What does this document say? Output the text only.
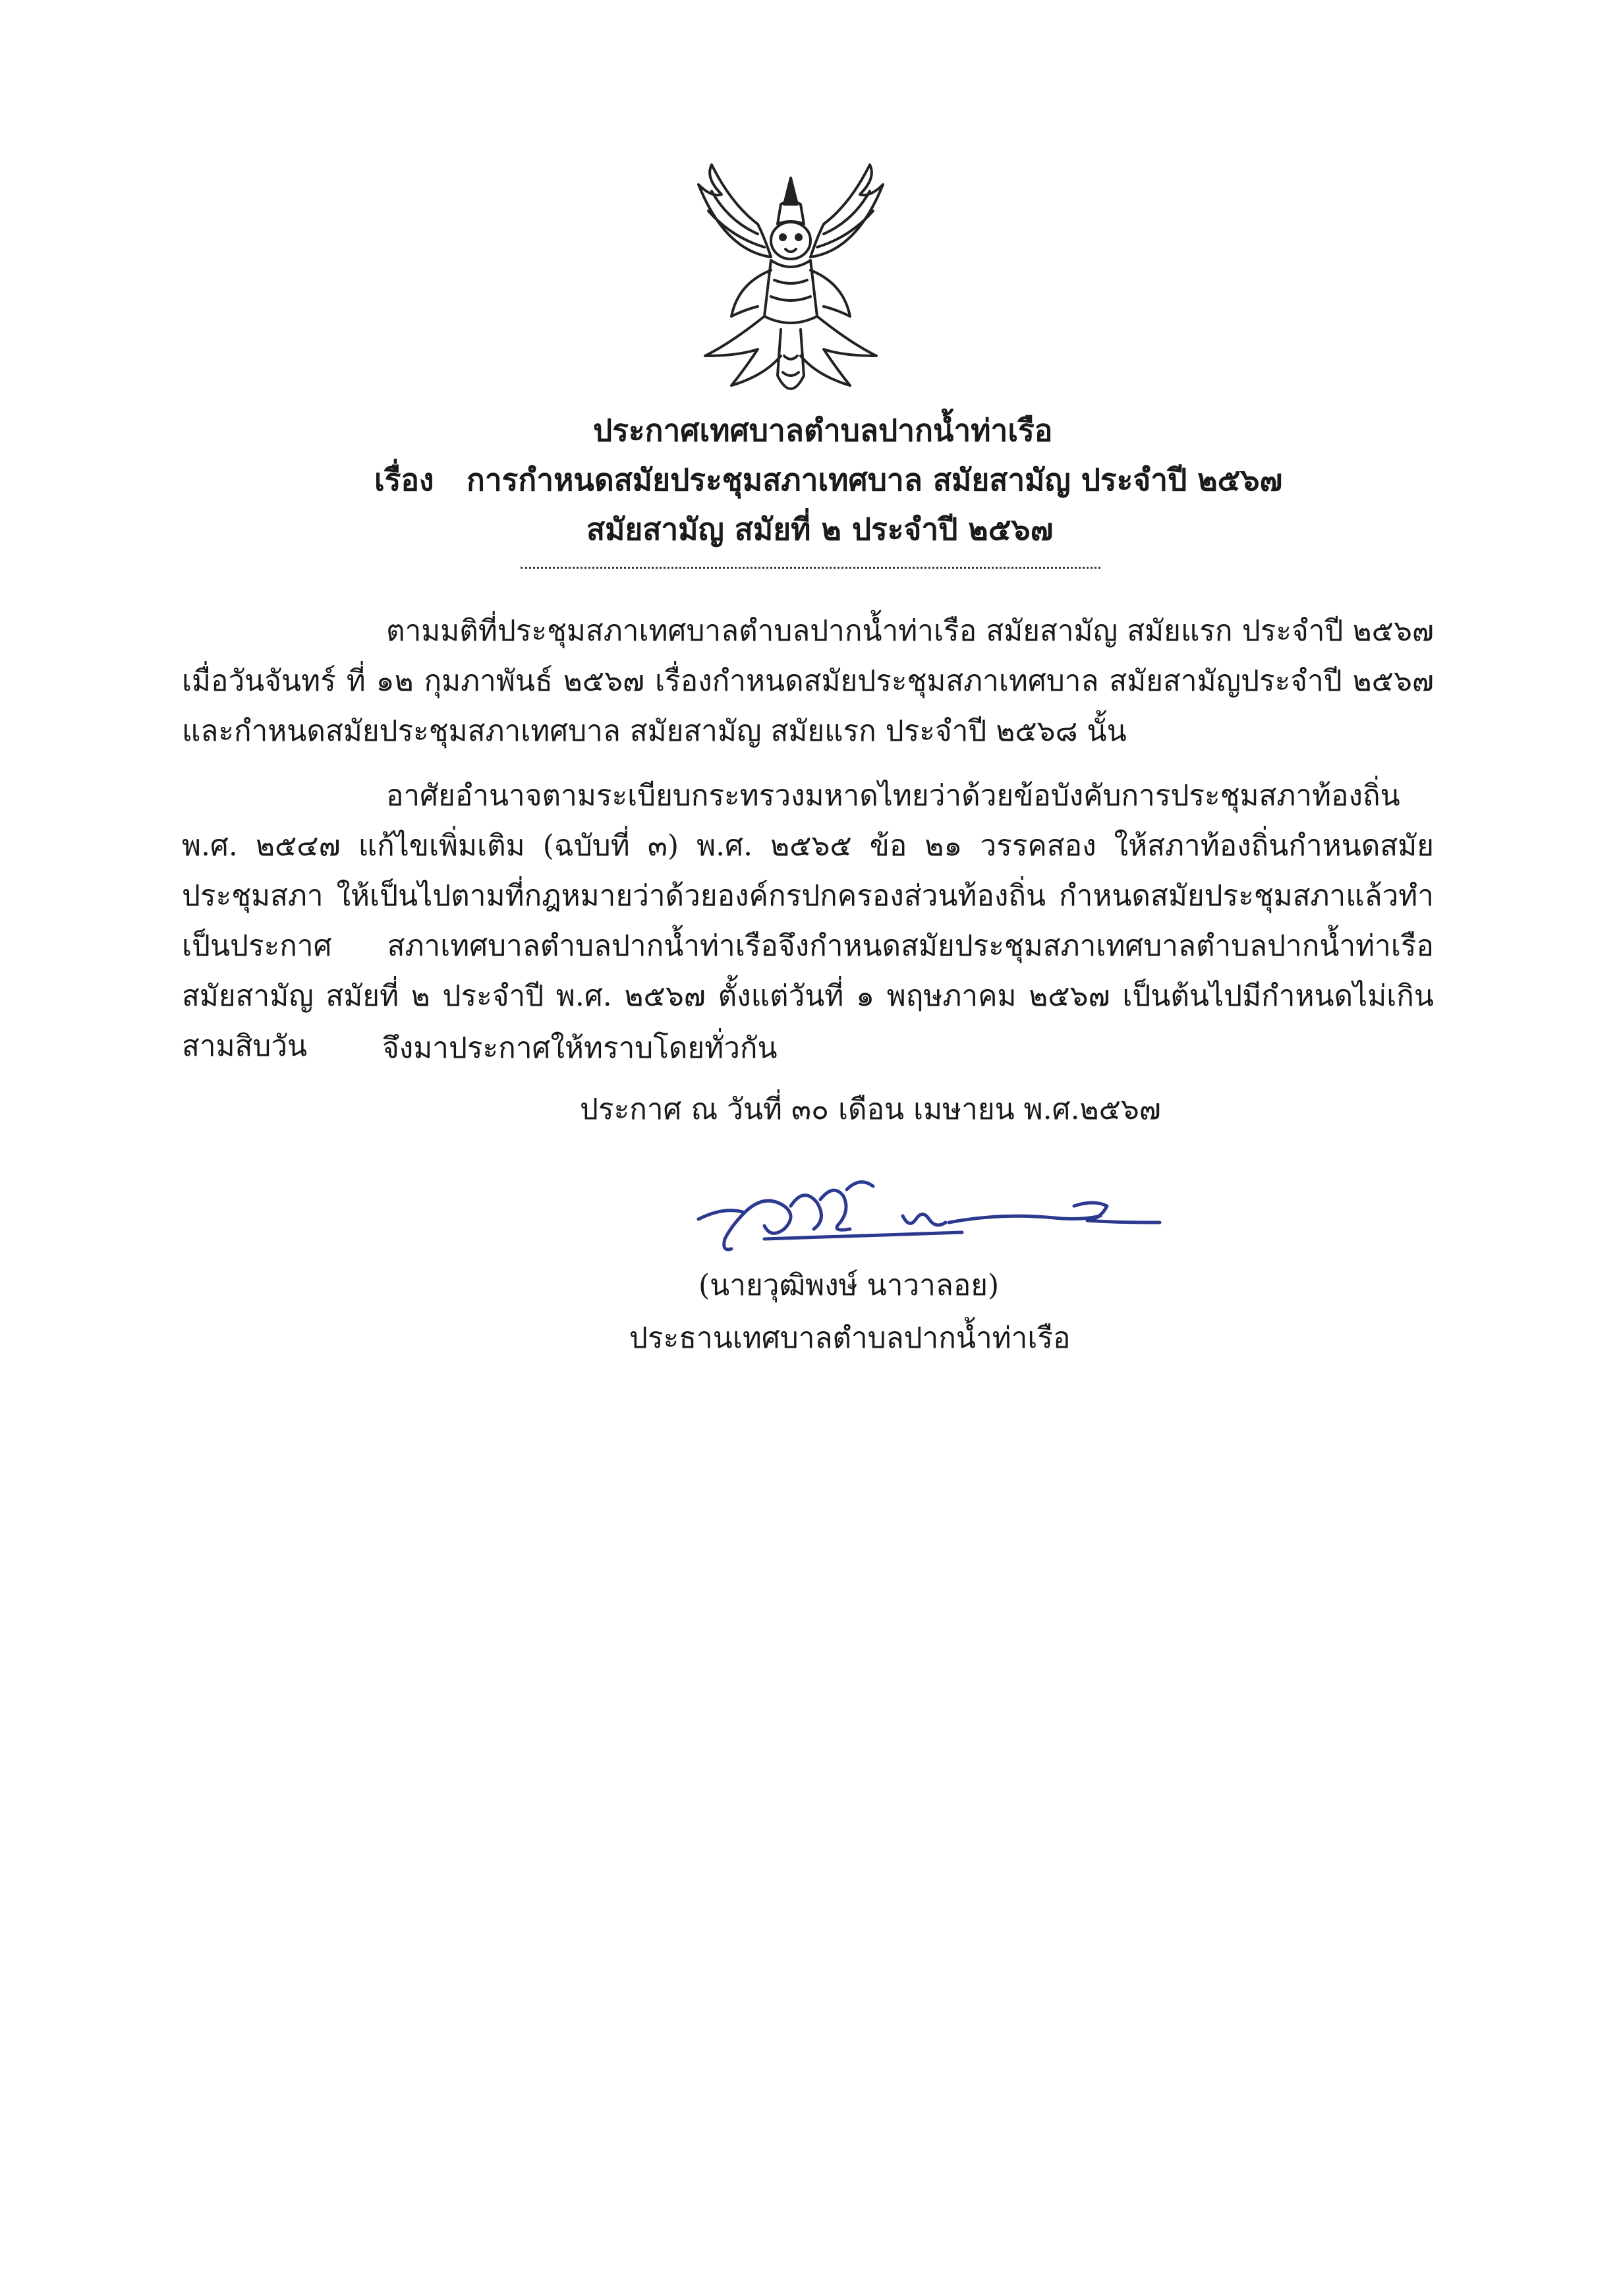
ประกาศเทศบาลตำบลปากน้ำท่าเรือ
เรื่อง การกำหนดสมัยประชุมสภาเทศบาล สมัยสามัญ ประจำปี ๒๕๖๗
สมัยสามัญ สมัยที่ ๒ ประจำปี ๒๕๖๗

ตามมติที่ประชุมสภาเทศบาลตำบลปากน้ำท่าเรือ สมัยสามัญ สมัยแรก ประจำปี ๒๕๖๗ เมื่อวันจันทร์ ที่ ๑๒ กุมภาพันธ์ ๒๕๖๗ เรื่องกำหนดสมัยประชุมสภาเทศบาล สมัยสามัญประจำปี ๒๕๖๗ และกำหนดสมัยประชุมสภาเทศบาล สมัยสามัญ สมัยแรก ประจำปี ๒๕๖๘ นั้น

อาศัยอำนาจตามระเบียบกระทรวงมหาดไทยว่าด้วยข้อบังคับการประชุมสภาท้องถิ่น พ.ศ. ๒๕๔๗ แก้ไขเพิ่มเติม (ฉบับที่ ๓) พ.ศ. ๒๕๖๕ ข้อ ๒๑ วรรคสอง ให้สภาท้องถิ่นกำหนดสมัยประชุมสภา ให้เป็นไปตามที่กฎหมายว่าด้วยองค์กรปกครองส่วนท้องถิ่น กำหนดสมัยประชุมสภาแล้วทำเป็นประกาศ สภาเทศบาลตำบลปากน้ำท่าเรือจึงกำหนดสมัยประชุมสภาเทศบาลตำบลปากน้ำท่าเรือ สมัยสามัญ สมัยที่ ๒ ประจำปี พ.ศ. ๒๕๖๗ ตั้งแต่วันที่ ๑ พฤษภาคม ๒๕๖๗ เป็นต้นไปมีกำหนดไม่เกินสามสิบวัน	จึงมาประกาศให้ทราบโดยทั่วกัน
ประกาศ ณ วันที่ ๓๐ เดือน เมษายน พ.ศ.๒๕๖๗
(นายวุฒิพงษ์ นาวาลอย)
ประธานเทศบาลตำบลปากน้ำท่าเรือ
